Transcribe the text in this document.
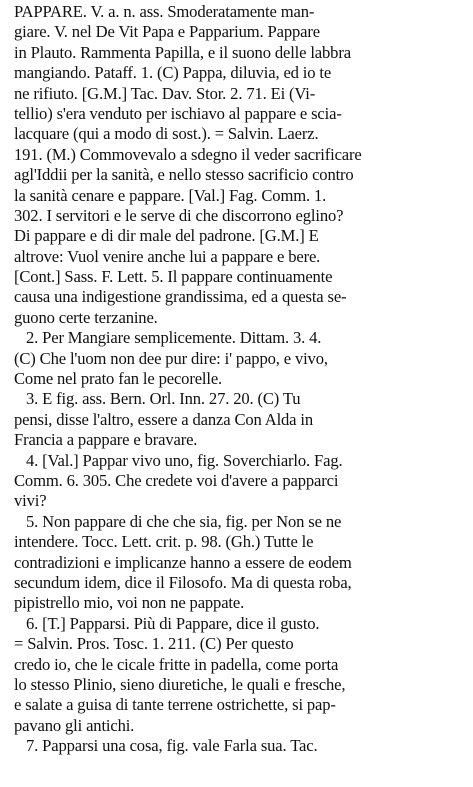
PAPPARE. V. a. n. ass. Smoderatamente man-
giare. V. nel De Vit Papa e Papparium. Pappare
in Plauto. Rammenta Papilla, e il suono delle labbra
mangiando. Pataff. 1. (C) Pappa, diluvia, ed io te
ne rifiuto. [G.M.] Tac. Dav. Stor. 2. 71. Ei (Vi-
tellio) s'era venduto per ischiavo al pappare e scia-
lacquare (qui a modo di sost.). = Salvin. Laerz.
191. (M.) Commovevalo a sdegno il veder sacrificare
agl'Iddii per la sanità, e nello stesso sacrificio contro
la sanità cenare e pappare. [Val.] Fag. Comm. 1.
302. I servitori e le serve di che discorrono eglino?
Di pappare e di dir male del padrone. [G.M.] E
altrove: Vuol venire anche lui a pappare e bere.
[Cont.] Sass. F. Lett. 5. Il pappare continuamente
causa una indigestione grandissima, ed a questa se-
guono certe terzanine.
2. Per Mangiare semplicemente. Dittam. 3. 4.
(C) Che l'uom non dee pur dire: i' pappo, e vivo,
Come nel prato fan le pecorelle.
3. E fig. ass. Bern. Orl. Inn. 27. 20. (C) Tu
pensi, disse l'altro, essere a danza Con Alda in
Francia a pappare e bravare.
4. [Val.] Pappar vivo uno, fig. Soverchiarlo. Fag.
Comm. 6. 305. Che credete voi d'avere a papparci
vivi?
5. Non pappare di che che sia, fig. per Non se ne
intendere. Tocc. Lett. crit. p. 98. (Gh.) Tutte le
contradizioni e implicanze hanno a essere de eodem
secundum idem, dice il Filosofo. Ma di questa roba,
pipistrello mio, voi non ne pappate.
6. [T.] Papparsi. Più di Pappare, dice il gusto.
= Salvin. Pros. Tosc. 1. 211. (C) Per questo
credo io, che le cicale fritte in padella, come porta
lo stesso Plinio, sieno diuretiche, le quali e fresche,
e salate a guisa di tante terrene ostrichette, si pap-
pavano gli antichi.
7. Papparsi una cosa, fig. vale Farla sua. Tac.
